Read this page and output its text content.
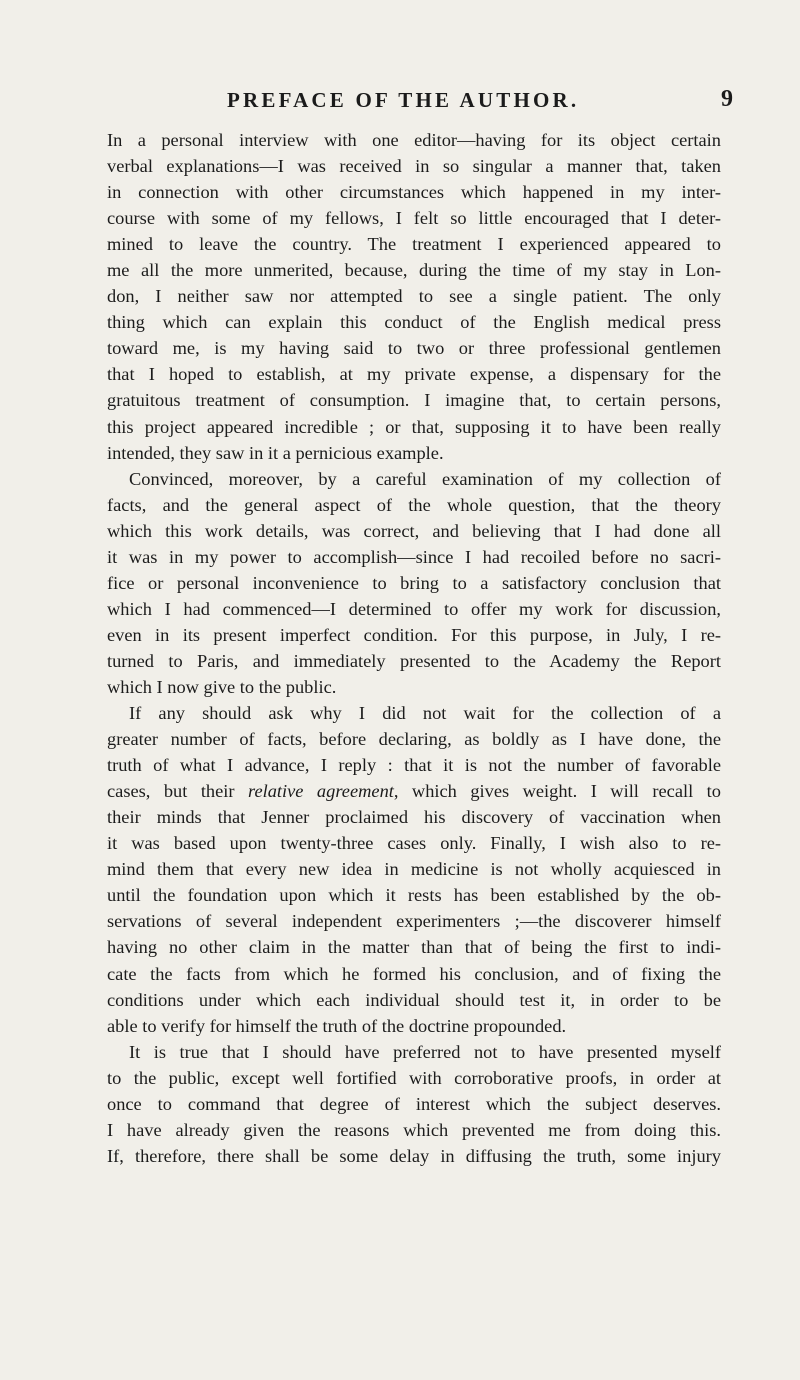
PREFACE OF THE AUTHOR.	9
In a personal interview with one editor—having for its object certain
verbal explanations—I was received in so singular a manner that, taken
in connection with other circumstances which happened in my inter-
course with some of my fellows, I felt so little encouraged that I deter-
mined to leave the country. The treatment I experienced appeared to
me all the more unmerited, because, during the time of my stay in Lon-
don, I neither saw nor attempted to see a single patient. The only
thing which can explain this conduct of the English medical press
toward me, is my having said to two or three professional gentlemen
that I hoped to establish, at my private expense, a dispensary for the
gratuitous treatment of consumption. I imagine that, to certain persons,
this project appeared incredible ; or that, supposing it to have been really
intended, they saw in it a pernicious example.
Convinced, moreover, by a careful examination of my collection of
facts, and the general aspect of the whole question, that the theory
which this work details, was correct, and believing that I had done all
it was in my power to accomplish—since I had recoiled before no sacri-
fice or personal inconvenience to bring to a satisfactory conclusion that
which I had commenced—I determined to offer my work for discussion,
even in its present imperfect condition. For this purpose, in July, I re-
turned to Paris, and immediately presented to the Academy the Report
which I now give to the public.
If any should ask why I did not wait for the collection of a
greater number of facts, before declaring, as boldly as I have done, the
truth of what I advance, I reply : that it is not the number of favorable
cases, but their relative agreement, which gives weight. I will recall to
their minds that Jenner proclaimed his discovery of vaccination when
it was based upon twenty-three cases only. Finally, I wish also to re-
mind them that every new idea in medicine is not wholly acquiesced in
until the foundation upon which it rests has been established by the ob-
servations of several independent experimenters ;—the discoverer himself
having no other claim in the matter than that of being the first to indi-
cate the facts from which he formed his conclusion, and of fixing the
conditions under which each individual should test it, in order to be
able to verify for himself the truth of the doctrine propounded.
It is true that I should have preferred not to have presented myself
to the public, except well fortified with corroborative proofs, in order at
once to command that degree of interest which the subject deserves.
I have already given the reasons which prevented me from doing this.
If, therefore, there shall be some delay in diffusing the truth, some injury
